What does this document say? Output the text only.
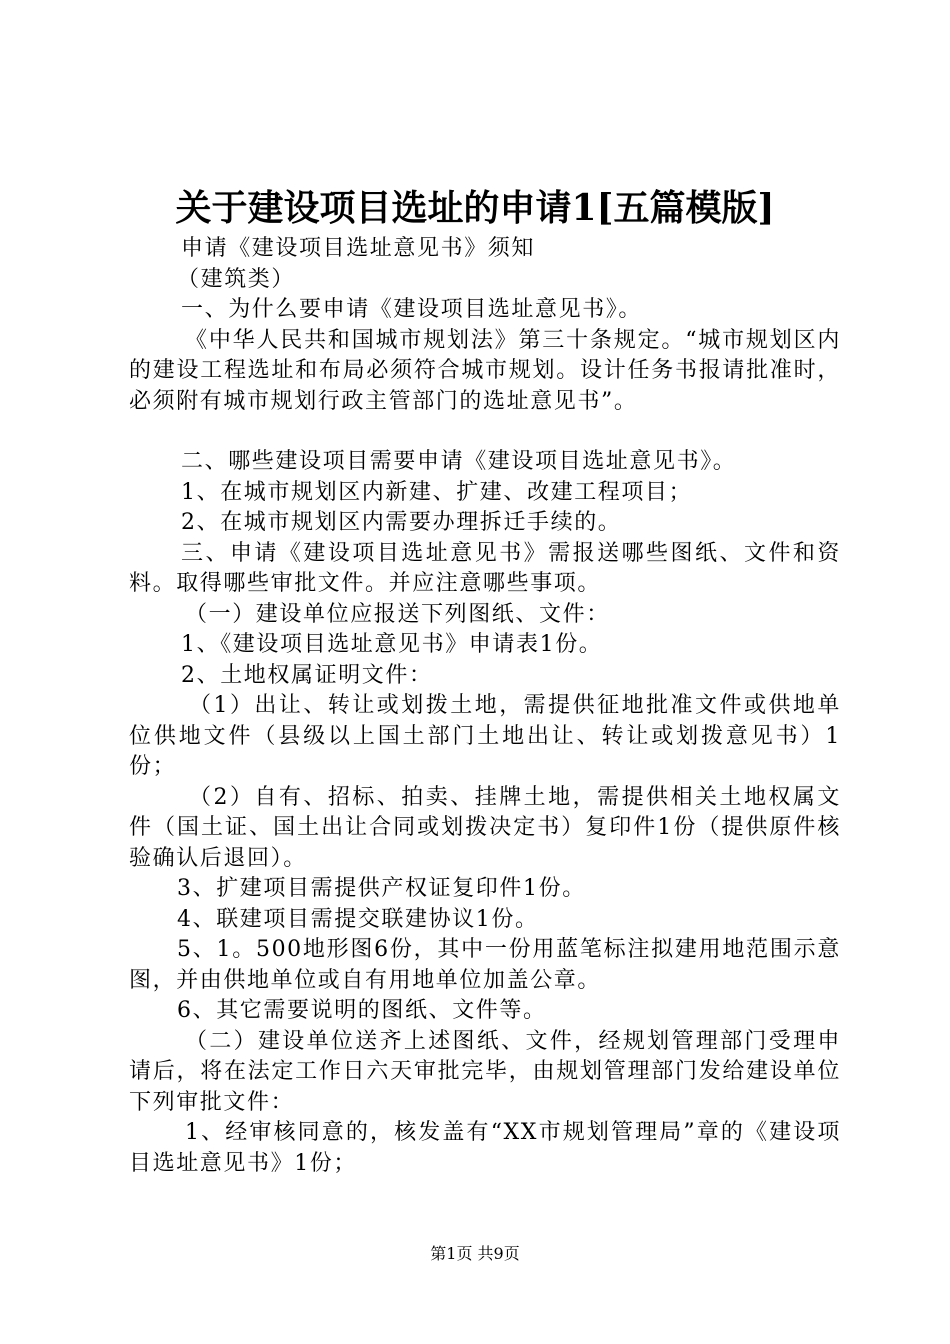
关于建设项目选址的申请1[五篇模版]

申请《建设项目选址意见书》须知

（建筑类）

一、为什么要申请《建设项目选址意见书》。

《中华人民共和国城市规划法》第三十条规定。“城市规划区内的建设工程选址和布局必须符合城市规划。设计任务书报请批准时，必须附有城市规划行政主管部门的选址意见书”。

二、哪些建设项目需要申请《建设项目选址意见书》。

1、在城市规划区内新建、扩建、改建工程项目；

2、在城市规划区内需要办理拆迁手续的。

三、申请《建设项目选址意见书》需报送哪些图纸、文件和资料。取得哪些审批文件。并应注意哪些事项。

（一）建设单位应报送下列图纸、文件：

1、《建设项目选址意见书》申请表1份。

2、土地权属证明文件：

（1）出让、转让或划拨土地，需提供征地批准文件或供地单位供地文件（县级以上国土部门土地出让、转让或划拨意见书）1份；

（2）自有、招标、拍卖、挂牌土地，需提供相关土地权属文件（国土证、国土出让合同或划拨决定书）复印件1份（提供原件核验确认后退回）。

3、扩建项目需提供产权证复印件1份。

4、联建项目需提交联建协议1份。

5、1。500地形图6份，其中一份用蓝笔标注拟建用地范围示意图，并由供地单位或自有用地单位加盖公章。

6、其它需要说明的图纸、文件等。

（二）建设单位送齐上述图纸、文件，经规划管理部门受理申请后，将在法定工作日六天审批完毕，由规划管理部门发给建设单位下列审批文件：

1、经审核同意的，核发盖有“XX市规划管理局”章的《建设项目选址意见书》1份；

第1页 共9页
